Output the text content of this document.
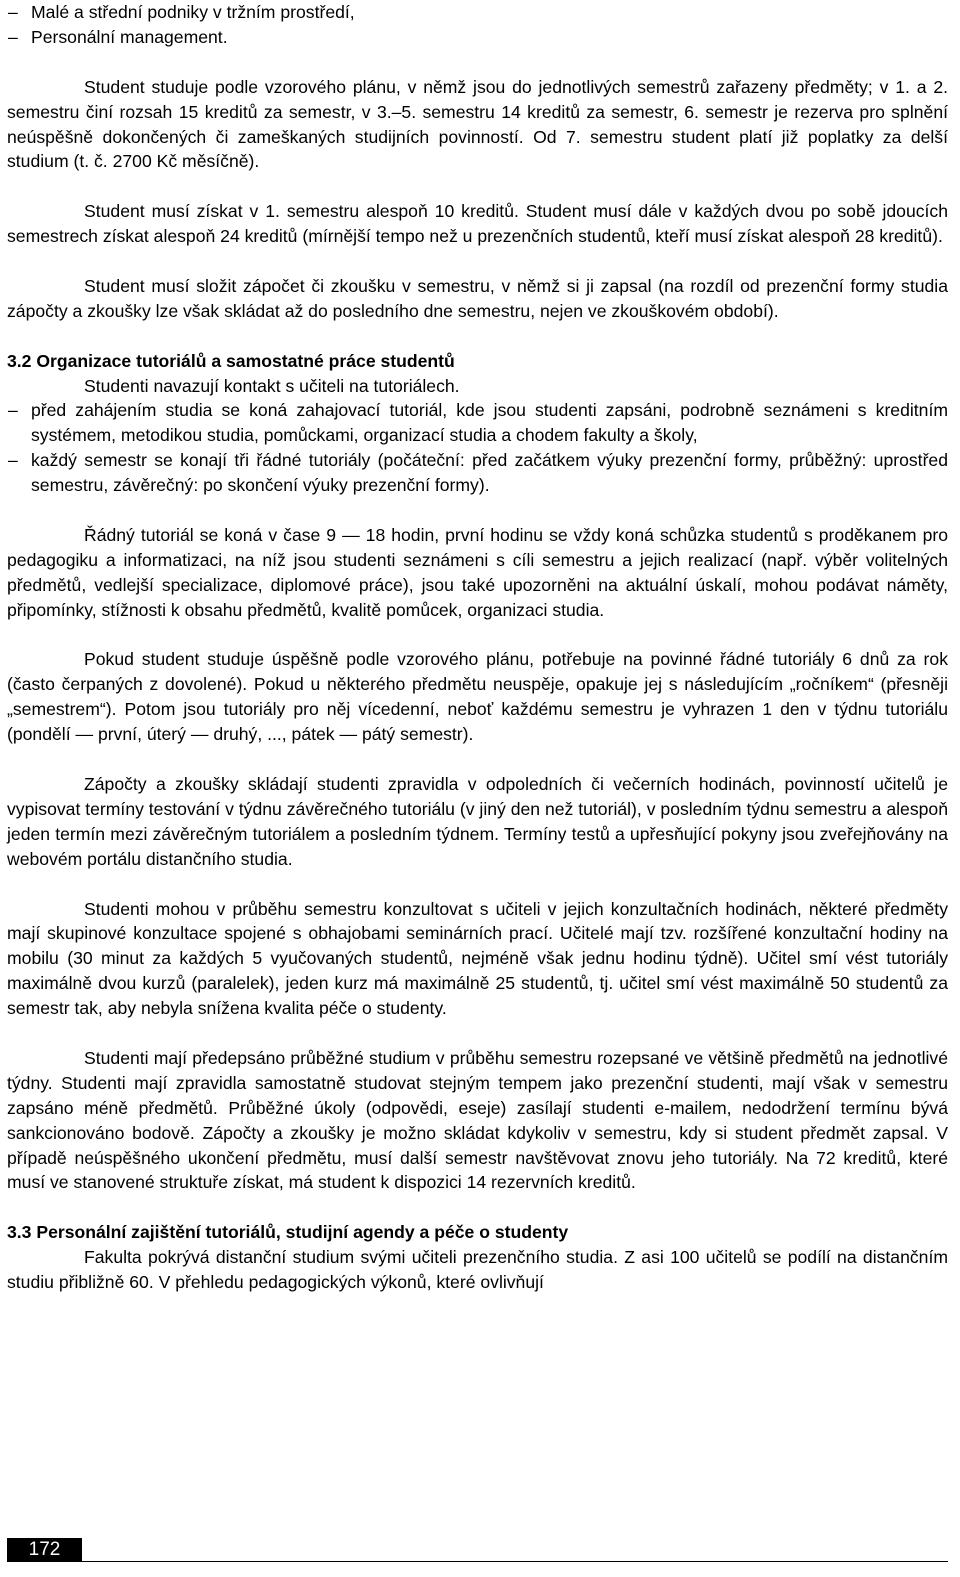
– Malé a střední podniky v tržním prostředí,
– Personální management.

Student studuje podle vzorového plánu, v němž jsou do jednotlivých semestrů zařazeny předměty; v 1. a 2. semestru činí rozsah 15 kreditů za semestr, v 3.–5. semestru 14 kreditů za semestr, 6. semestr je rezerva pro splnění neúspěšně dokončených či zameškaných studijních povinností. Od 7. semestru student platí již poplatky za delší studium (t. č. 2700 Kč měsíčně).

Student musí získat v 1. semestru alespoň 10 kreditů. Student musí dále v každých dvou po sobě jdoucích semestrech získat alespoň 24 kreditů (mírnější tempo než u prezenčních studentů, kteří musí získat alespoň 28 kreditů).

Student musí složit zápočet či zkoušku v semestru, v němž si ji zapsal (na rozdíl od prezenční formy studia zápočty a zkoušky lze však skládat až do posledního dne semestru, nejen ve zkouškovém období).

3.2 Organizace tutoriálů a samostatné práce studentů

Studenti navazují kontakt s učiteli na tutoriálech.

– před zahájením studia se koná zahajovací tutoriál, kde jsou studenti zapsáni, podrobně seznámeni s kreditním systémem, metodikou studia, pomůckami, organizací studia a chodem fakulty a školy,
– každý semestr se konají tři řádné tutoriály (počáteční: před začátkem výuky prezenční formy, průběžný: uprostřed semestru, závěrečný: po skončení výuky prezenční formy).

Řádný tutoriál se koná v čase 9 — 18 hodin, první hodinu se vždy koná schůzka studentů s proděkanem pro pedagogiku a informatizaci, na níž jsou studenti seznámeni s cíli semestru a jejich realizací (např. výběr volitelných předmětů, vedlejší specializace, diplomové práce), jsou také upozorněni na aktuální úskalí, mohou podávat náměty, připomínky, stížnosti k obsahu předmětů, kvalitě pomůcek, organizaci studia.

Pokud student studuje úspěšně podle vzorového plánu, potřebuje na povinné řádné tutoriály 6 dnů za rok (často čerpaných z dovolené). Pokud u některého předmětu neuspěje, opakuje jej s následujícím „ročníkem“ (přesněji „semestrem“). Potom jsou tutoriály pro něj vícedenní, neboť každému semestru je vyhrazen 1 den v týdnu tutoriálu (pondělí — první, úterý — druhý, ..., pátek — pátý semestr).

Zápočty a zkoušky skládají studenti zpravidla v odpoledních či večerních hodinách, povinností učitelů je vypisovat termíny testování v týdnu závěrečného tutoriálu (v jiný den než tutoriál), v posledním týdnu semestru a alespoň jeden termín mezi závěrečným tutoriálem a posledním týdnem. Termíny testů a upřesňující pokyny jsou zveřejňovány na webovém portálu distančního studia.

Studenti mohou v průběhu semestru konzultovat s učiteli v jejich konzultačních hodinách, některé předměty mají skupinové konzultace spojené s obhajobami seminárních prací. Učitelé mají tzv. rozšířené konzultační hodiny na mobilu (30 minut za každých 5 vyučovaných studentů, nejméně však jednu hodinu týdně). Učitel smí vést tutoriály maximálně dvou kurzů (paralelek), jeden kurz má maximálně 25 studentů, tj. učitel smí vést maximálně 50 studentů za semestr tak, aby nebyla snížena kvalita péče o studenty.

Studenti mají předepsáno průběžné studium v průběhu semestru rozepsané ve většině předmětů na jednotlivé týdny. Studenti mají zpravidla samostatně studovat stejným tempem jako prezenční studenti, mají však v semestru zapsáno méně předmětů. Průběžné úkoly (odpovědi, eseje) zasílají studenti e-mailem, nedodržení termínu bývá sankcionováno bodově. Zápočty a zkoušky je možno skládat kdykoliv v semestru, kdy si student předmět zapsal. V případě neúspěšného ukončení předmětu, musí další semestr navštěvovat znovu jeho tutoriály. Na 72 kreditů, které musí ve stanovené struktuře získat, má student k dispozici 14 rezervních kreditů.

3.3 Personální zajištění tutoriálů, studijní agendy a péče o studenty

Fakulta pokrývá distanční studium svými učiteli prezenčního studia. Z asi 100 učitelů se podílí na distančním studiu přibližně 60. V přehledu pedagogických výkonů, které ovlivňují

172
